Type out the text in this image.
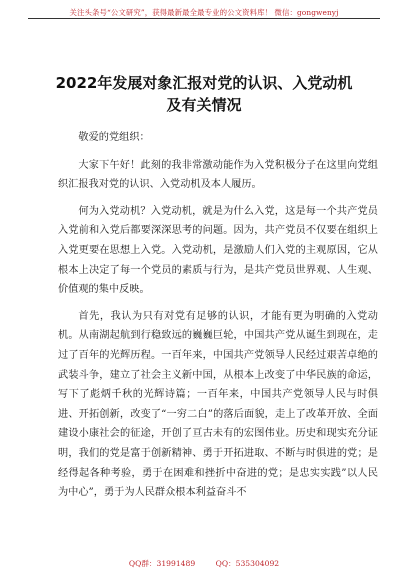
关注头条号“公文研究”，获得最新最全最专业的公文资料库！ 微信：gongwenyj
2022年发展对象汇报对党的认识、入党动机
及有关情况

敬爱的党组织：

大家下午好！此刻的我非常激动能作为入党积极分子在这里向党组织汇报我对党的认识、入党动机及本人履历。

何为入党动机？入党动机，就是为什么入党，这是每一个共产党员入党前和入党后都要深深思考的问题。因为，共产党员不仅要在组织上入党更要在思想上入党。入党动机，是激励人们入党的主观原因，它从根本上决定了每一个党员的素质与行为，是共产党员世界观、人生观、价值观的集中反映。

首先，我认为只有对党有足够的认识，才能有更为明确的入党动机。从南湖起航到行稳致远的巍巍巨轮，中国共产党从诞生到现在，走过了百年的光辉历程。一百年来，中国共产党领导人民经过艰苦卓绝的武装斗争，建立了社会主义新中国，从根本上改变了中华民族的命运，写下了彪炳千秋的光辉诗篇；一百年来，中国共产党领导人民与时俱进、开拓创新，改变了“一穷二白”的落后面貌，走上了改革开放、全面建设小康社会的征途，开创了亘古未有的宏图伟业。历史和现实充分证明，我们的党是富于创新精神、勇于开拓进取、不断与时俱进的党；是经得起各种考验，勇于在困难和挫折中奋进的党；是忠实实践”以人民为中心”，勇于为人民群众根本利益奋斗不

QQ群：31991489	QQ：535304092
